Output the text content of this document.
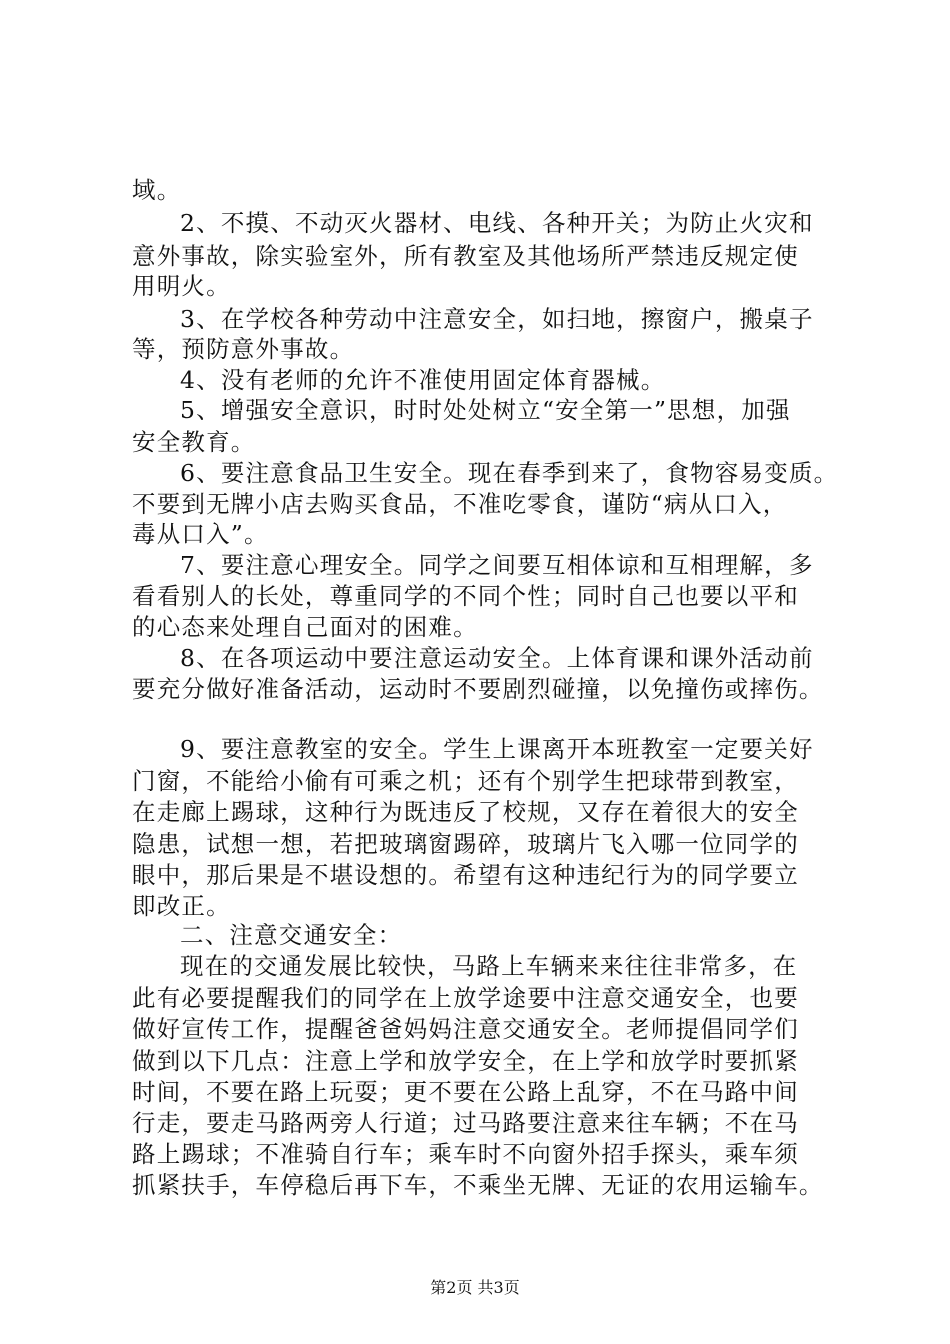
域。
2、不摸、不动灭火器材、电线、各种开关；为防止火灾和
意外事故，除实验室外，所有教室及其他场所严禁违反规定使
用明火。
3、在学校各种劳动中注意安全，如扫地，擦窗户，搬桌子
等，预防意外事故。
4、没有老师的允许不准使用固定体育器械。
5、增强安全意识，时时处处树立“安全第一”思想，加强
安全教育。
6、要注意食品卫生安全。现在春季到来了，食物容易变质。
不要到无牌小店去购买食品，不准吃零食，谨防“病从口入，
毒从口入”。
7、要注意心理安全。同学之间要互相体谅和互相理解，多
看看别人的长处，尊重同学的不同个性；同时自己也要以平和
的心态来处理自己面对的困难。
8、在各项运动中要注意运动安全。上体育课和课外活动前
要充分做好准备活动，运动时不要剧烈碰撞，以免撞伤或摔伤。
9、要注意教室的安全。学生上课离开本班教室一定要关好
门窗，不能给小偷有可乘之机；还有个别学生把球带到教室，
在走廊上踢球，这种行为既违反了校规，又存在着很大的安全
隐患，试想一想，若把玻璃窗踢碎，玻璃片飞入哪一位同学的
眼中，那后果是不堪设想的。希望有这种违纪行为的同学要立
即改正。
二、注意交通安全：
现在的交通发展比较快，马路上车辆来来往往非常多，在
此有必要提醒我们的同学在上放学途要中注意交通安全，也要
做好宣传工作，提醒爸爸妈妈注意交通安全。老师提倡同学们
做到以下几点：注意上学和放学安全，在上学和放学时要抓紧
时间，不要在路上玩耍；更不要在公路上乱穿，不在马路中间
行走，要走马路两旁人行道；过马路要注意来往车辆；不在马
路上踢球；不准骑自行车；乘车时不向窗外招手探头，乘车须
抓紧扶手，车停稳后再下车，不乘坐无牌、无证的农用运输车。
第2页 共3页
